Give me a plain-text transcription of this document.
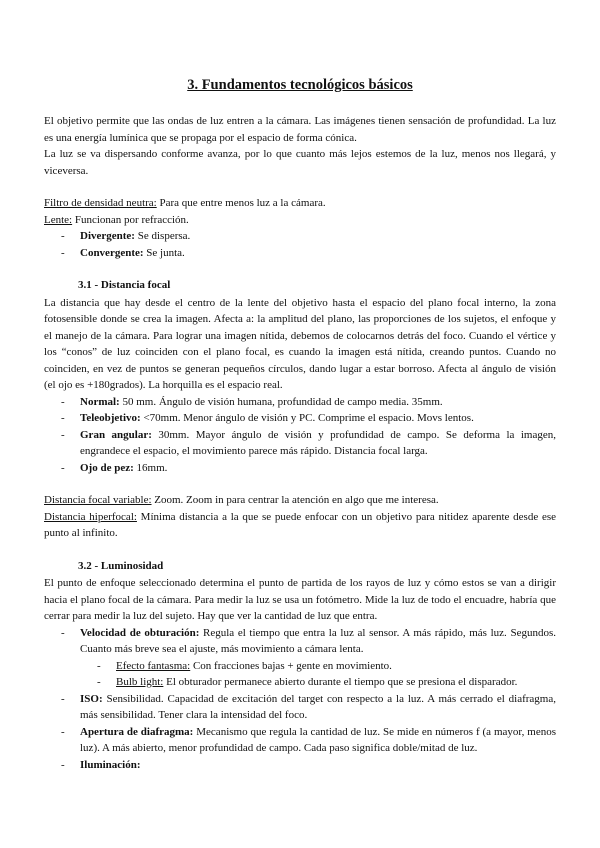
3. Fundamentos tecnológicos básicos

El objetivo permite que las ondas de luz entren a la cámara. Las imágenes tienen sensación de profundidad. La luz es una energía lumínica que se propaga por el espacio de forma cónica.

La luz se va dispersando conforme avanza, por lo que cuanto más lejos estemos de la luz, menos nos llegará, y viceversa.

Filtro de densidad neutra: Para que entre menos luz a la cámara.

Lente: Funcionan por refracción.

- Divergente: Se dispersa.
- Convergente: Se junta.
3.1 - Distancia focal

La distancia que hay desde el centro de la lente del objetivo hasta el espacio del plano focal interno, la zona fotosensible donde se crea la imagen. Afecta a: la amplitud del plano, las proporciones de los sujetos, el enfoque y el manejo de la cámara. Para lograr una imagen nítida, debemos de colocarnos detrás del foco. Cuando el vértice y los “conos” de luz coinciden con el plano focal, es cuando la imagen está nítida, creando puntos. Cuando no coinciden, en vez de puntos se generan pequeños círculos, dando lugar a estar borroso. Afecta al ángulo de visión (el ojo es +180grados). La horquilla es el espacio real.

- Normal: 50 mm. Ángulo de visión humana, profundidad de campo media. 35mm.
- Teleobjetivo: <70mm. Menor ángulo de visión y PC. Comprime el espacio. Movs lentos.
- Gran angular: 30mm. Mayor ángulo de visión y profundidad de campo. Se deforma la imagen, engrandece el espacio, el movimiento parece más rápido. Distancia focal larga.
- Ojo de pez: 16mm.

Distancia focal variable: Zoom. Zoom in para centrar la atención en algo que me interesa.

Distancia hiperfocal: Mínima distancia a la que se puede enfocar con un objetivo para nitidez aparente desde ese punto al infinito.

3.2 - Luminosidad

El punto de enfoque seleccionado determina el punto de partida de los rayos de luz y cómo estos se van a dirigir hacia el plano focal de la cámara. Para medir la luz se usa un fotómetro. Mide la luz de todo el encuadre, habría que cerrar para medir la luz del sujeto. Hay que ver la cantidad de luz que entra.

- Velocidad de obturación: Regula el tiempo que entra la luz al sensor. A más rápido, más luz. Segundos. Cuanto más breve sea el ajuste, más movimiento a cámara lenta.
- Efecto fantasma: Con fracciones bajas + gente en movimiento.
- Bulb light: El obturador permanece abierto durante el tiempo que se presiona el disparador.
- ISO: Sensibilidad. Capacidad de excitación del target con respecto a la luz. A más cerrado el diafragma, más sensibilidad. Tener clara la intensidad del foco.
- Apertura de diafragma: Mecanismo que regula la cantidad de luz. Se mide en números f (a mayor, menos luz). A más abierto, menor profundidad de campo. Cada paso significa doble/mitad de luz.
- Iluminación:
